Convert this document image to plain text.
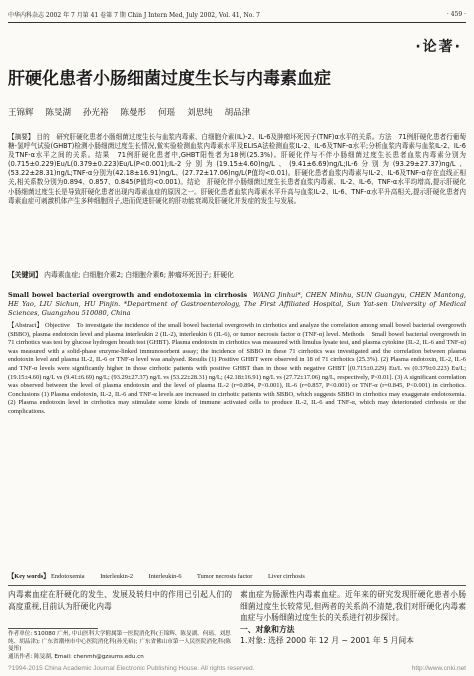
中华内科杂志 2002 年 7 月第 41 卷第 7 期 Chin J Intern Med, July 2002, Vol. 41, No. 7	· 459 ·
·论著·
肝硬化患者小肠细菌过度生长与内毒素血症
王锦辉 陈旻湖 孙光裕 陈曼彤 何瑶 刘思纯 胡品津
【摘要】 目的　研究肝硬化患者小肠细菌过度生长与血浆内毒素、白细胞介素(IL)-2、IL-6及肿瘤坏死因子(TNF)α水平的关系。方法　71例肝硬化患者行葡萄糖-氢呼气试验(GHBT)检测小肠细菌过度生长情况,鲎实验检测血浆内毒素水平及ELISA法检测血浆IL-2、IL-6及TNF-α水平;分析血浆内毒素与血浆IL-2、IL-6及TNF-α水平之间的关系。结果　71例肝硬化患者中,GHBT阳性者为18例(25.3%)。肝硬化伴与不伴小肠细菌过度生长患者血浆内毒素分别为(0.715±0.229)Eu/L(0.379±0.223)Eu/L(P<0.001);IL-2分别为(19.15±4.60)ng/L、(9.41±6.69)ng/L;IL-6分别为(93.29±27.37)ng/L、(53.22±28.31)ng/L;TNF-α分别为(42.18±16.91)ng/L、(27.72±17.06)ng/L(P值均<0.01)。肝硬化患者血浆内毒素与IL-2、IL-6及TNF-α存在直线正相关,相关系数分别为0.894、0.857、0.845(P值均<0.001)。结论　肝硬化伴小肠细菌过度生长患者血浆内毒素、IL-2、IL-6、TNF-α水平均增高,提示肝硬化小肠细菌过度生长是导致肝硬化患者出现内毒素血症的原因之一。肝硬化患者血浆内毒素水平升高与血浆IL-2、IL-6、TNF-α水平升高相关,提示肝硬化患者内毒素血症可刺激机体产生多种细胞因子,进而促进肝硬化的肝功能衰竭及肝硬化并发症的发生与发展。
【关键词】 内毒素血症; 白细胞介素2; 白细胞介素6; 肿瘤坏死因子; 肝硬化
Small bowel bacterial overgrowth and endotoxemia in cirrhosis WANG Jinhui*, CHEN Minhu, SUN Guangyu, CHEN Mantong, HE Yao, LIU Sichun, HU Pinjin. *Department of Gastroenterology, The First Affiliated Hospital, Sun Yat-sen University of Medical Sciences, Guangzhou 510080, China
【Abstract】 Objective　To investigate the incidence of the small bowel bacterial overgrowth in cirrhotics and analyze the correlation among small bowel bacterial overgrowth (SBBO), plasma endotoxin level and plasma interleukin 2 (IL-2), interleukin 6 (IL-6), or tumor necrosis factor α (TNF-α) level. Methods　Small bowel bacterial overgrowth in 71 cirrhotics was test by glucose hydrogen breath test (GHBT). Plasma endotoxin in cirrhotics was measured with limulus lysate test, and plasma cytokine (IL-2, IL-6 and TNF-α) was measured with a solid-phase enzyme-linked immunosorbent assay; the incidence of SBBO in these 71 cirrhotics was investigated and the correlation between plasma endotoxin level and plasma IL-2, IL-6 or TNF-α level was analysed. Results (1) Positive GHBT were observed in 18 of 71 cirrhotics (25.3%). (2) Plasma endotoxin, IL-2, IL-6 and TNF-α levels were significantly higher in those cirrhotic patients with positive GHBT than in those with negative GHBT [(0.715±0.229) Eu/L vs (0.379±0.223) Eu/L; (19.15±4.60) ng/L vs (9.41±6.69) ng/L; (93.29±27.37) ng/L vs (53.22±28.31) ng/L; (42.18±16.91) ng/L vs (27.72±17.06) ng/L, respectively, P<0.01]. (3) A significant correlation was observed between the level of plasma endotoxin and the level of plasma IL-2 (r=0.894, P<0.001), IL-6 (r=0.857, P<0.001) or TNF-α (r=0.845, P<0.001) in cirrhotics. Conclusions (1) Plasma endotoxin, IL-2, IL-6 and TNF-α levels are increased in cirrhotic patients with SBBO, which suggests SBBO in cirrhotics may exaggerate endotoxemia. (2) Plasma endotoxin level in cirrhotics may stimulate some kinds of immune activated cells to produce IL-2, IL-6 and TNF-α, which may deteriorated cirrhosis or the complications.
【Key words】 Endotoxemia Interleukin-2 Interleukin-6 Tumor necrosis factor Liver cirrhosis
内毒素血症在肝硬化的发生、发展及转归中的作用已引起人们的高度重视,目前认为肝硬化内毒
素血症为肠源性内毒素血症。近年来的研究发现肝硬化患者小肠细菌过度生长较常见,但两者的关系尚不清楚,我们对肝硬化内毒素血症与小肠细菌过度生长的关系进行初步探讨。
一、对象和方法
1.对象: 选择 2000 年 12 月 ~ 2001 年 5 月间本
作者单位: 510080 广州, 中山医科大学附属第一医院消化科(王锦辉、陈旻湖、何瑶、刘思纯、胡品津); 广东省潮州市中心医院消化科(孙光裕); 广东省佛山市第一人民医院消化科(陈曼彤)
通讯作者: 陈旻湖, Email: chenmh@gzsums.edu.cn
?1994-2015 China Academic Journal Electronic Publishing House. All rights reserved.	http://www.cnki.net
